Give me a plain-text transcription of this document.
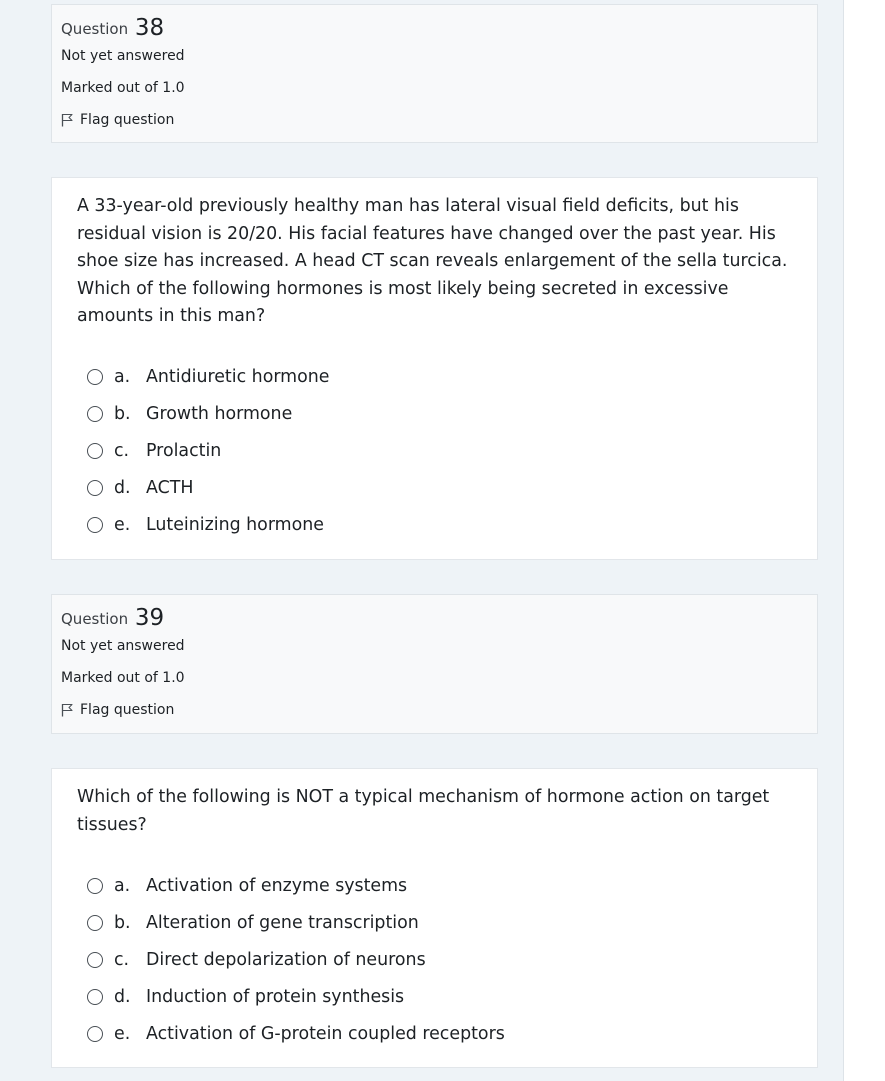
Question 38
Not yet answered
Marked out of 1.0
Flag question

A 33-year-old previously healthy man has lateral visual field deficits, but his residual vision is 20/20. His facial features have changed over the past year. His shoe size has increased. A head CT scan reveals enlargement of the sella turcica. Which of the following hormones is most likely being secreted in excessive amounts in this man?

a. Antidiuretic hormone
b. Growth hormone
c. Prolactin
d. ACTH
e. Luteinizing hormone
Question 39
Not yet answered
Marked out of 1.0
Flag question

Which of the following is NOT a typical mechanism of hormone action on target tissues?

a. Activation of enzyme systems
b. Alteration of gene transcription
c. Direct depolarization of neurons
d. Induction of protein synthesis
e. Activation of G-protein coupled receptors
